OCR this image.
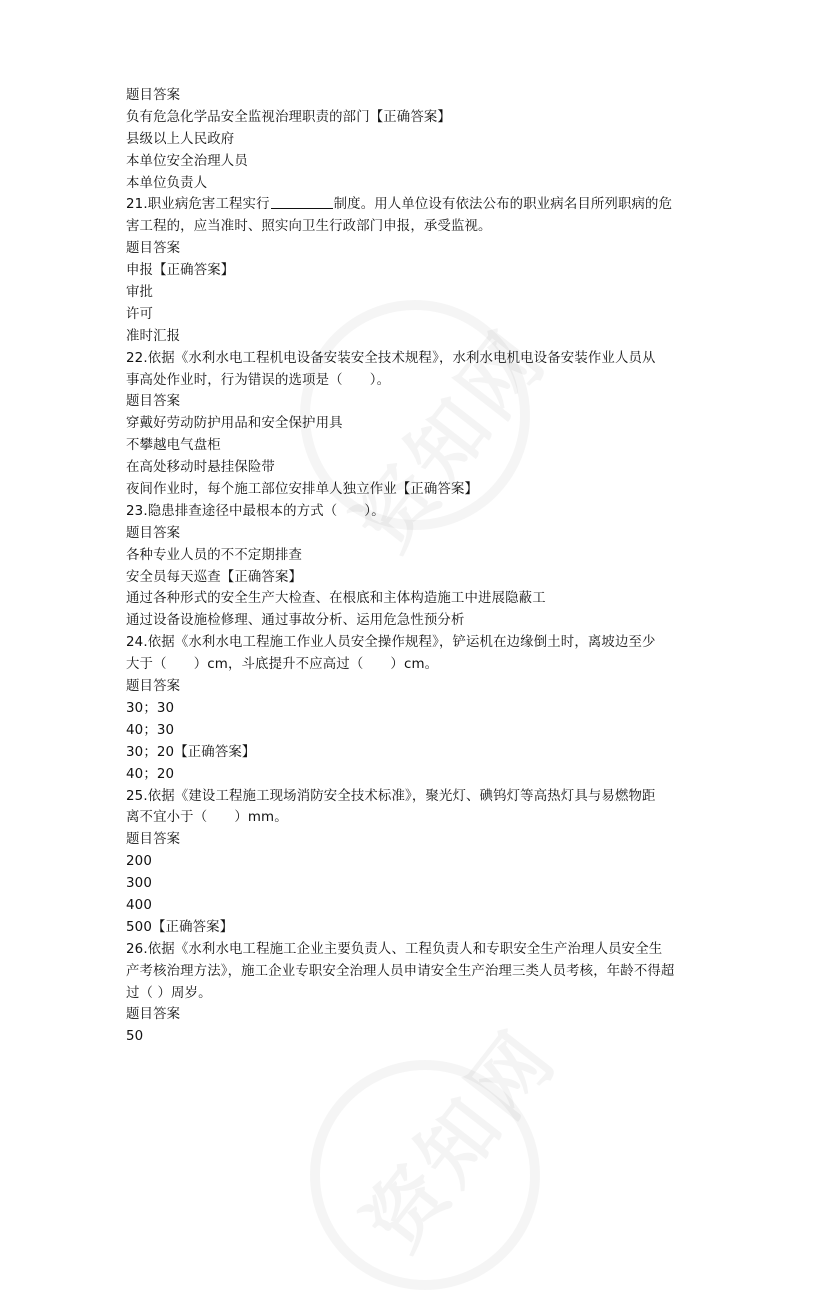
题目答案
负有危急化学品安全监视治理职责的部门【正确答案】
县级以上人民政府
本单位安全治理人员
本单位负责人
21.职业病危害工程实行	制度。用人单位设有依法公布的职业病名目所列职病的危
害工程的，应当准时、照实向卫生行政部门申报，承受监视。
题目答案
申报【正确答案】
审批
许可
准时汇报
22.依据《水利水电工程机电设备安装安全技术规程》，水利水电机电设备安装作业人员从
事高处作业时，行为错误的选项是（　　）。
题目答案
穿戴好劳动防护用品和安全保护用具
不攀越电气盘柜
在高处移动时悬挂保险带
夜间作业时，每个施工部位安排单人独立作业【正确答案】
23.隐患排查途径中最根本的方式（　　）。
题目答案
各种专业人员的不不定期排查
安全员每天巡查【正确答案】
通过各种形式的安全生产大检查、在根底和主体构造施工中进展隐蔽工
通过设备设施检修理、通过事故分析、运用危急性预分析
24.依据《水利水电工程施工作业人员安全操作规程》，铲运机在边缘倒土时，离坡边至少
大于（　　）cm，斗底提升不应高过（　　）cm。
题目答案
30；30
40；30
30；20【正确答案】
40；20
25.依据《建设工程施工现场消防安全技术标准》，聚光灯、碘钨灯等高热灯具与易燃物距
离不宜小于（　　）mm。
题目答案
200
300
400
500【正确答案】
26.依据《水利水电工程施工企业主要负责人、工程负责人和专职安全生产治理人员安全生
产考核治理方法》，施工企业专职安全治理人员申请安全生产治理三类人员考核，年龄不得超
过（ ）周岁。
题目答案
50
